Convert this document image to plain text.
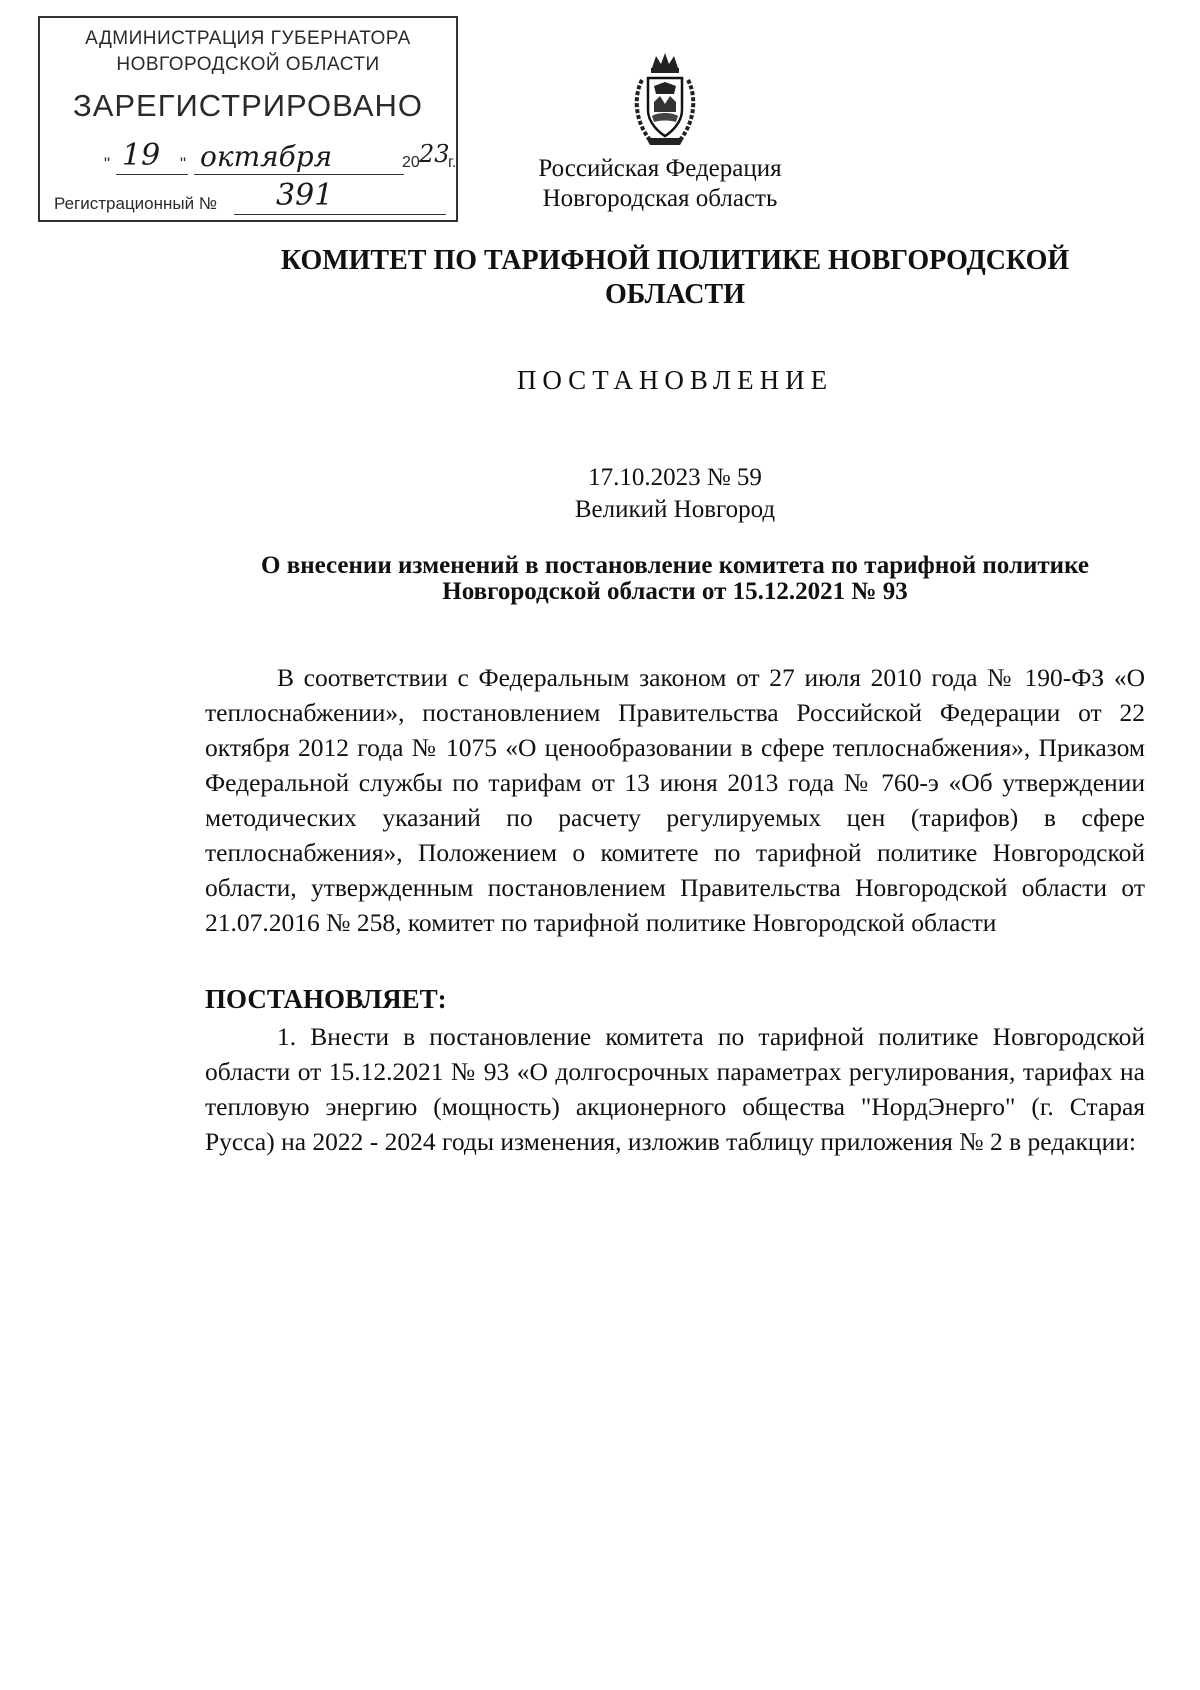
АДМИНИСТРАЦИЯ ГУБЕРНАТОРА
НОВГОРОДСКОЙ ОБЛАСТИ
ЗАРЕГИСТРИРОВАНО
" 19 " октября	20 23
г.
Регистрационный № 391
Российская Федерация
Новгородская область
КОМИТЕТ ПО ТАРИФНОЙ ПОЛИТИКЕ НОВГОРОДСКОЙ
ОБЛАСТИ
ПОСТАНОВЛЕНИЕ
17.10.2023 № 59
Великий Новгород
О внесении изменений в постановление комитета по тарифной политике
Новгородской области от 15.12.2021 № 93

В соответствии с Федеральным законом от 27 июля 2010 года № 190-ФЗ «О теплоснабжении», постановлением Правительства Российской Федерации от 22 октября 2012 года № 1075 «О ценообразовании в сфере теплоснабжения», Приказом Федеральной службы по тарифам от 13 июня 2013 года № 760-э «Об утверждении методических указаний по расчету регулируемых цен (тарифов) в сфере теплоснабжения», Положением о комитете по тарифной политике Новгородской области, утвержденным постановлением Правительства Новгородской области от 21.07.2016 № 258, комитет по тарифной политике Новгородской области

ПОСТАНОВЛЯЕТ:

1. Внести в постановление комитета по тарифной политике Новгородской области от 15.12.2021 № 93 «О долгосрочных параметрах регулирования, тарифах на тепловую энергию (мощность) акционерного общества "НордЭнерго" (г. Старая Русса) на 2022 - 2024 годы изменения, изложив таблицу приложения № 2 в редакции:
